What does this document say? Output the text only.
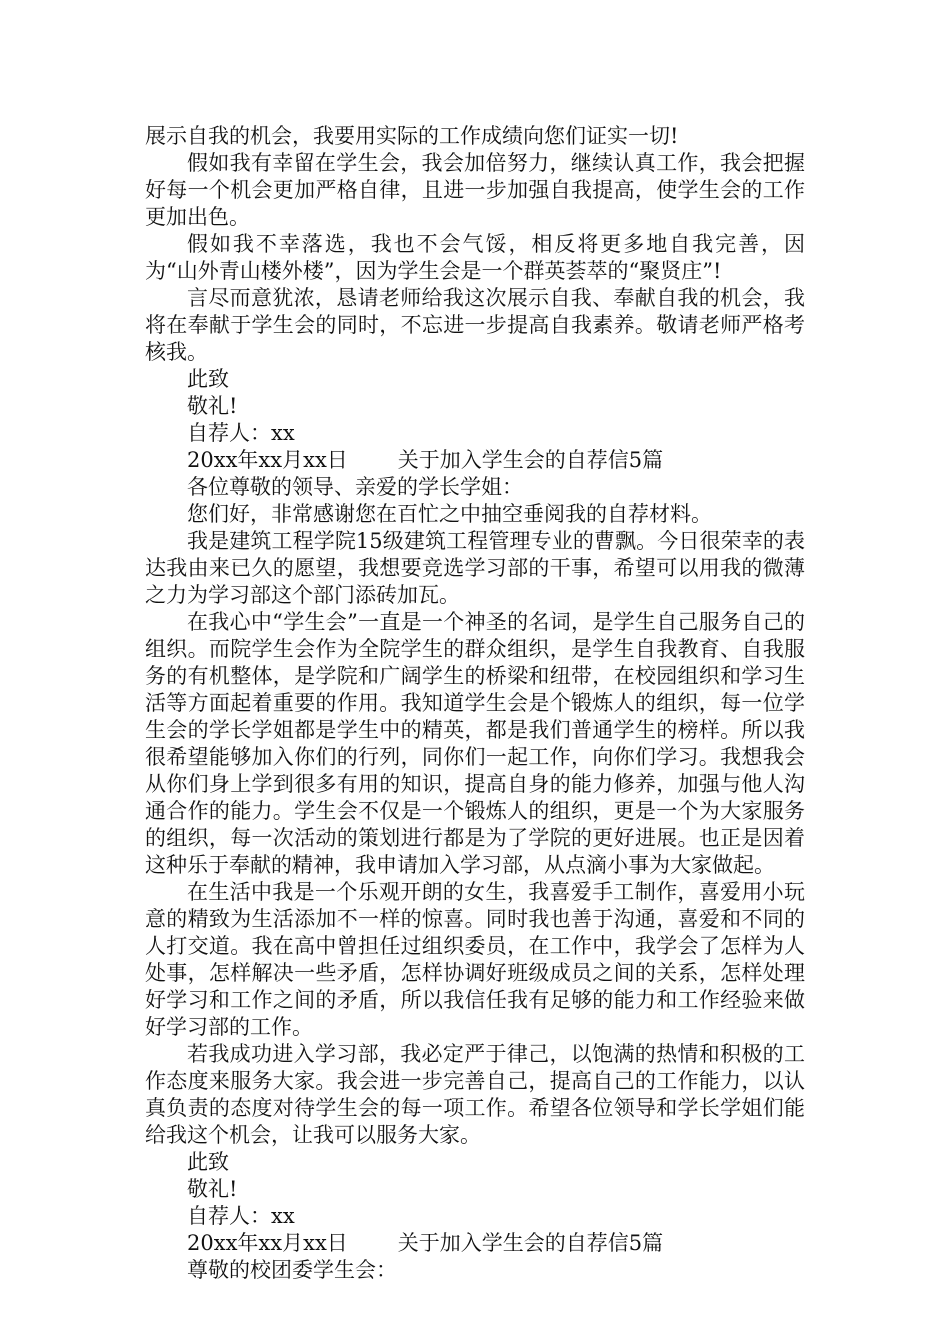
展示自我的机会，我要用实际的工作成绩向您们证实一切!

假如我有幸留在学生会，我会加倍努力，继续认真工作，我会把握好每一个机会更加严格自律，且进一步加强自我提高，使学生会的工作更加出色。

假如我不幸落选，我也不会气馁，相反将更多地自我完善，因为“山外青山楼外楼”，因为学生会是一个群英荟萃的“聚贤庄”!

言尽而意犹浓，恳请老师给我这次展示自我、奉献自我的机会，我将在奉献于学生会的同时，不忘进一步提高自我素养。敬请老师严格考核我。

此致

敬礼!

自荐人：xx

20xx年xx月xx日 关于加入学生会的自荐信5篇

各位尊敬的领导、亲爱的学长学姐：

您们好，非常感谢您在百忙之中抽空垂阅我的自荐材料。

我是建筑工程学院15级建筑工程管理专业的曹飘。今日很荣幸的表达我由来已久的愿望，我想要竞选学习部的干事，希望可以用我的微薄之力为学习部这个部门添砖加瓦。

在我心中“学生会”一直是一个神圣的名词，是学生自己服务自己的组织。而院学生会作为全院学生的群众组织，是学生自我教育、自我服务的有机整体，是学院和广阔学生的桥梁和纽带，在校园组织和学习生活等方面起着重要的作用。我知道学生会是个锻炼人的组织，每一位学生会的学长学姐都是学生中的精英，都是我们普通学生的榜样。所以我很希望能够加入你们的行列，同你们一起工作，向你们学习。我想我会从你们身上学到很多有用的知识，提高自身的能力修养，加强与他人沟通合作的能力。学生会不仅是一个锻炼人的组织，更是一个为大家服务的组织，每一次活动的策划进行都是为了学院的更好进展。也正是因着这种乐于奉献的精神，我申请加入学习部，从点滴小事为大家做起。

在生活中我是一个乐观开朗的女生，我喜爱手工制作，喜爱用小玩意的精致为生活添加不一样的惊喜。同时我也善于沟通，喜爱和不同的人打交道。我在高中曾担任过组织委员，在工作中，我学会了怎样为人处事，怎样解决一些矛盾，怎样协调好班级成员之间的关系，怎样处理好学习和工作之间的矛盾，所以我信任我有足够的能力和工作经验来做好学习部的工作。

若我成功进入学习部，我必定严于律己，以饱满的热情和积极的工作态度来服务大家。我会进一步完善自己，提高自己的工作能力，以认真负责的态度对待学生会的每一项工作。希望各位领导和学长学姐们能给我这个机会，让我可以服务大家。

此致

敬礼!

自荐人：xx

20xx年xx月xx日 关于加入学生会的自荐信5篇

尊敬的校团委学生会：
